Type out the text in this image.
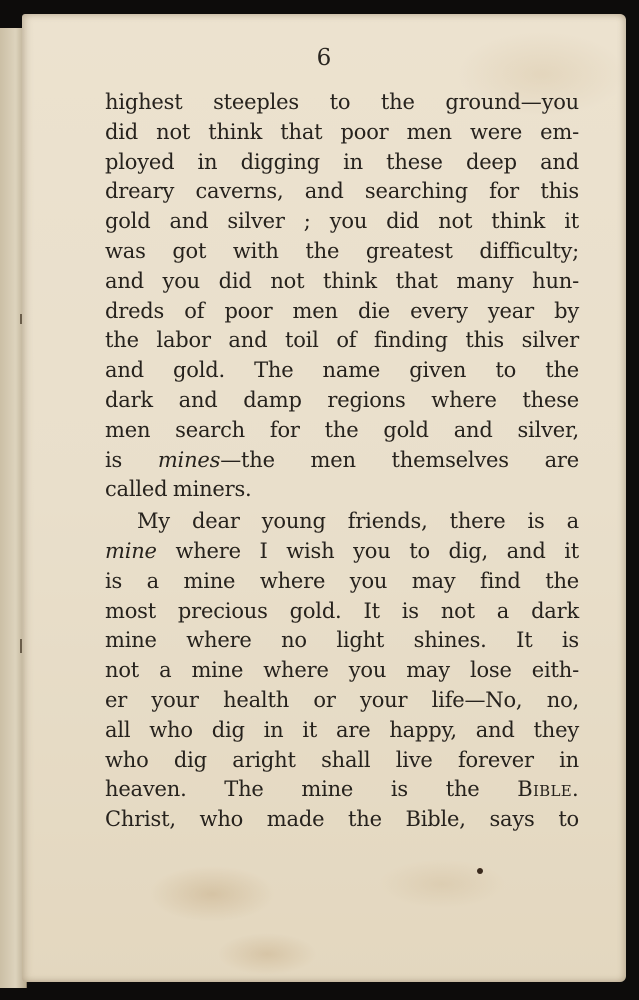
6
highest steeples to the ground—you
did not think that poor men were em-
ployed in digging in these deep and
dreary caverns, and searching for this
gold and silver ; you did not think it
was got with the greatest difficulty;
and you did not think that many hun-
dreds of poor men die every year by
the labor and toil of finding this silver
and gold. The name given to the
dark and damp regions where these
men search for the gold and silver,
is mines—the men themselves are
called miners.
My dear young friends, there is a
mine where I wish you to dig, and it
is a mine where you may find the
most precious gold. It is not a dark
mine where no light shines. It is
not a mine where you may lose eith-
er your health or your life—No, no,
all who dig in it are happy, and they
who dig aright shall live forever in
heaven. The mine is the Bible.
Christ, who made the Bible, says to
